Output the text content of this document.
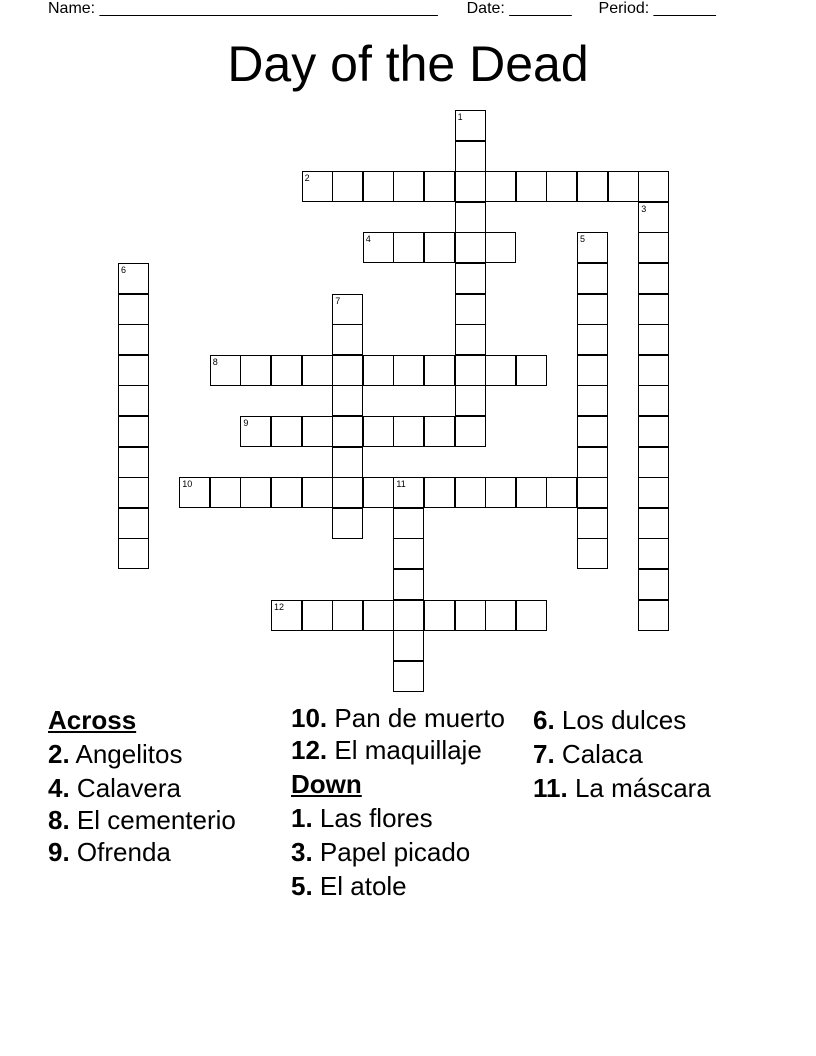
Name: ______________________________________ Date: _______ Period: _______
Day of the Dead
1
2
3
4	5
6
7
8
9
10	11
12
Across
2. Angelitos
4. Calavera
8. El cementerio
9. Ofrenda
10. Pan de muerto
12. El maquillaje
Down
1. Las flores
3. Papel picado
5. El atole
6. Los dulces
7. Calaca
11. La máscara
